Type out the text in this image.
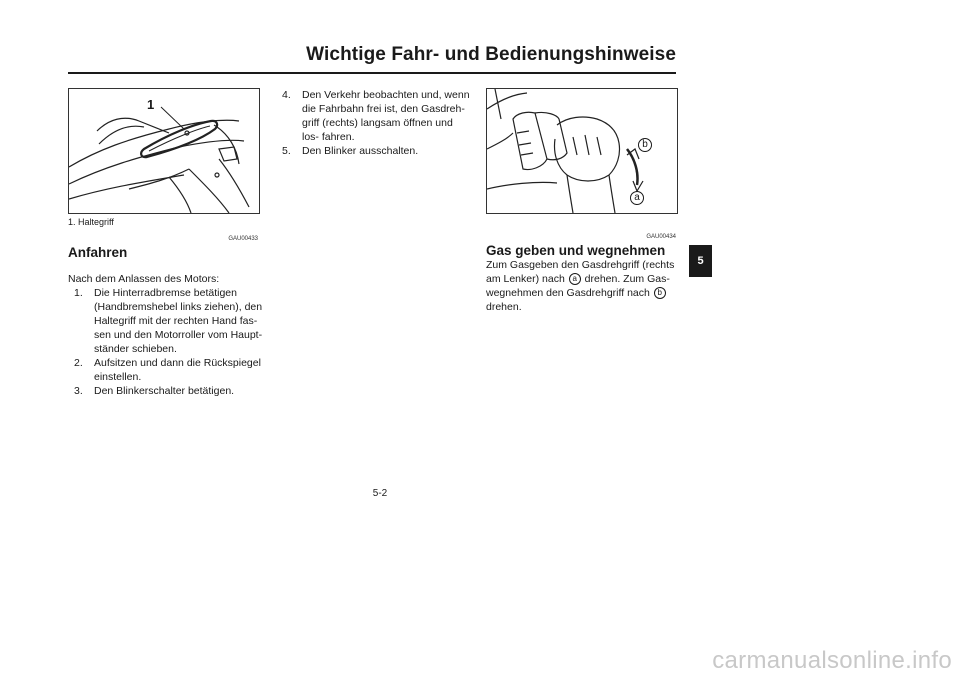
Wichtige Fahr- und Bedienungshinweise
1
1. Haltegriff
GAU00433
Anfahren
Nach dem Anlassen des Motors:
1. Die Hinterradbremse betätigen (Handbremshebel links ziehen), den Haltegriff mit der rechten Hand fas- sen und den Motorroller vom Haupt- ständer schieben.
2. Aufsitzen und dann die Rückspiegel einstellen.
3. Den Blinkerschalter betätigen.
4. Den Verkehr beobachten und, wenn die Fahrbahn frei ist, den Gasdreh- griff (rechts) langsam öffnen und los- fahren.
5. Den Blinker ausschalten.
b
a
GAU00434
Gas geben und wegnehmen
Zum Gasgeben den Gasdrehgriff (rechts
am Lenker) nach a drehen. Zum Gas-
wegnehmen den Gasdrehgriff nach b
drehen.
5-2
5
carmanualsonline.info
